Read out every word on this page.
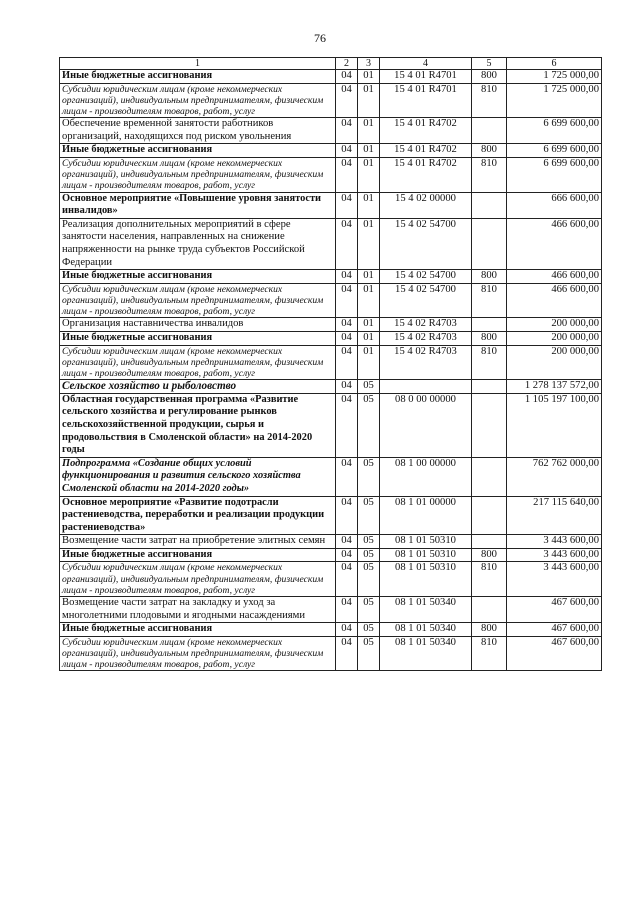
76
1	2	3	4	5	6
Иные бюджетные ассигнования	04	01	15 4 01 R4701	800	1 725 000,00
Субсидии юридическим лицам (кроме некоммерческих организаций), индивидуальным предпринимателям, физическим лицам - производителям товаров, работ, услуг	04	01	15 4 01 R4701	810	1 725 000,00
Обеспечение временной занятости работников организаций, находящихся под риском увольнения	04	01	15 4 01 R4702		6 699 600,00
Иные бюджетные ассигнования	04	01	15 4 01 R4702	800	6 699 600,00
Субсидии юридическим лицам (кроме некоммерческих организаций), индивидуальным предпринимателям, физическим лицам - производителям товаров, работ, услуг	04	01	15 4 01 R4702	810	6 699 600,00
Основное мероприятие «Повышение уровня занятости инвалидов»	04	01	15 4 02 00000		666 600,00
Реализация дополнительных мероприятий в сфере занятости населения, направленных на снижение напряженности на рынке труда субъектов Российской Федерации	04	01	15 4 02 54700		466 600,00
Иные бюджетные ассигнования	04	01	15 4 02 54700	800	466 600,00
Субсидии юридическим лицам (кроме некоммерческих организаций), индивидуальным предпринимателям, физическим лицам - производителям товаров, работ, услуг	04	01	15 4 02 54700	810	466 600,00
Организация наставничества инвалидов	04	01	15 4 02 R4703		200 000,00
Иные бюджетные ассигнования	04	01	15 4 02 R4703	800	200 000,00
Субсидии юридическим лицам (кроме некоммерческих организаций), индивидуальным предпринимателям, физическим лицам - производителям товаров, работ, услуг	04	01	15 4 02 R4703	810	200 000,00
Сельское хозяйство и рыболовство	04	05			1 278 137 572,00
Областная государственная программа «Развитие сельского хозяйства и регулирование рынков сельскохозяйственной продукции, сырья и продовольствия в Смоленской области» на 2014-2020 годы	04	05	08 0 00 00000		1 105 197 100,00
Подпрограмма «Создание общих условий функционирования и развития сельского хозяйства Смоленской области на 2014-2020 годы»	04	05	08 1 00 00000		762 762 000,00
Основное мероприятие «Развитие подотрасли растениеводства, переработки и реализации продукции растениеводства»	04	05	08 1 01 00000		217 115 640,00
Возмещение части затрат на приобретение элитных семян	04	05	08 1 01 50310		3 443 600,00
Иные бюджетные ассигнования	04	05	08 1 01 50310	800	3 443 600,00
Субсидии юридическим лицам (кроме некоммерческих организаций), индивидуальным предпринимателям, физическим лицам - производителям товаров, работ, услуг	04	05	08 1 01 50310	810	3 443 600,00
Возмещение части затрат на закладку и уход за многолетними плодовыми и ягодными насаждениями	04	05	08 1 01 50340		467 600,00
Иные бюджетные ассигнования	04	05	08 1 01 50340	800	467 600,00
Субсидии юридическим лицам (кроме некоммерческих организаций), индивидуальным предпринимателям, физическим лицам - производителям товаров, работ, услуг	04	05	08 1 01 50340	810	467 600,00
